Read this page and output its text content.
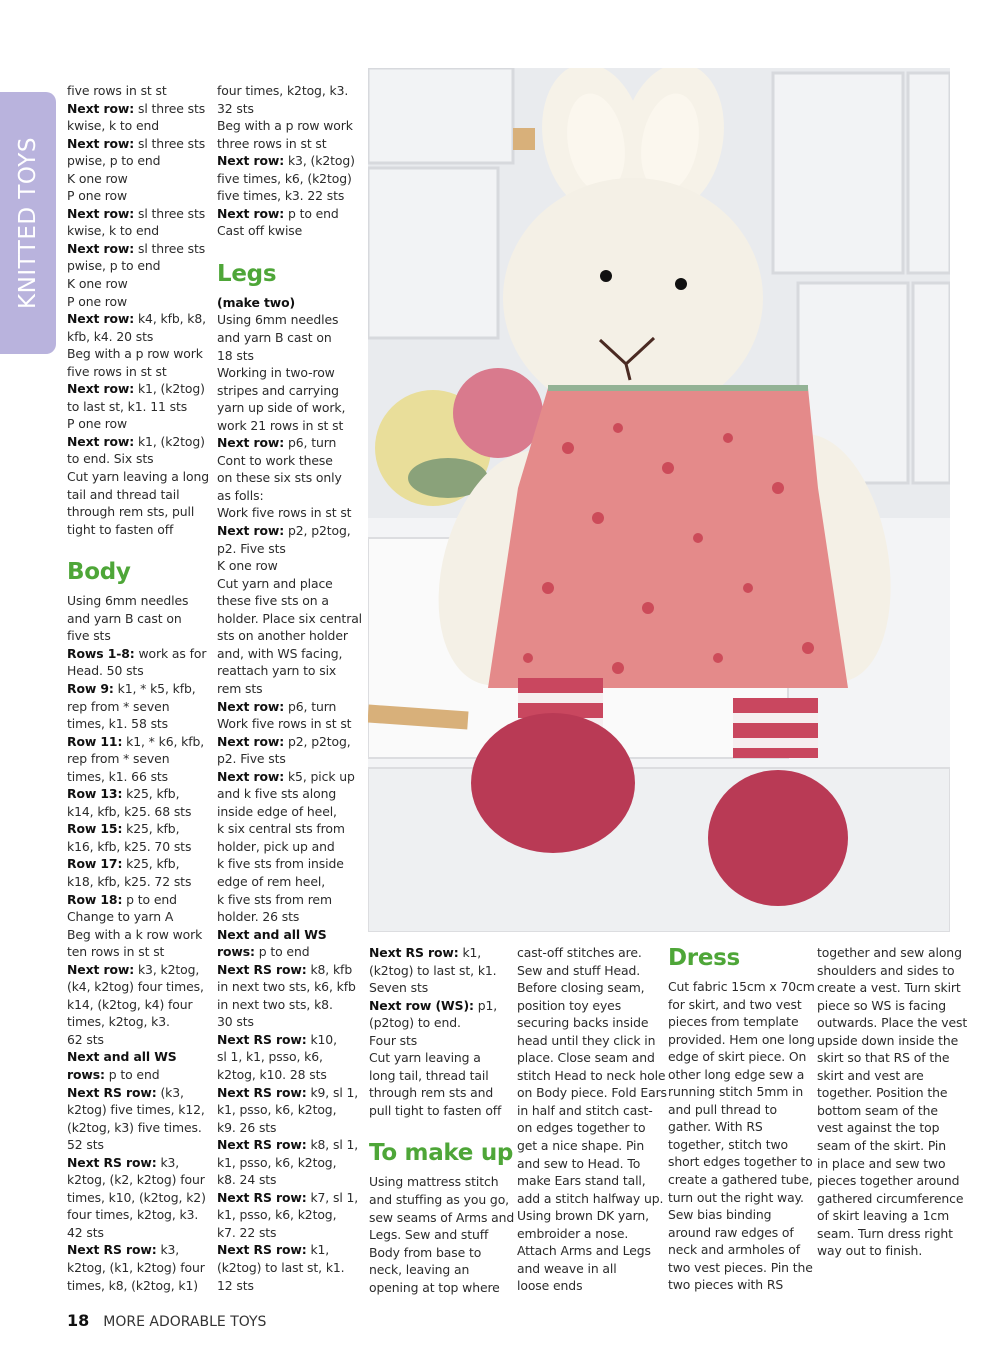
KNITTED TOYS

five rows in st st

Next row: sl three sts

kwise, k to end

Next row: sl three sts

pwise, p to end

K one row

P one row

Next row: sl three sts

kwise, k to end

Next row: sl three sts

pwise, p to end

K one row

P one row

Next row: k4, kfb, k8,

kfb, k4. 20 sts

Beg with a p row work

five rows in st st

Next row: k1, (k2tog)

to last st, k1. 11 sts

P one row

Next row: k1, (k2tog)

to end. Six sts

Cut yarn leaving a long

tail and thread tail

through rem sts, pull

tight to fasten off

Body

Using 6mm needles

and yarn B cast on

five sts

Rows 1-8: work as for

Head. 50 sts

Row 9: k1, * k5, kfb,

rep from * seven

times, k1. 58 sts

Row 11: k1, * k6, kfb,

rep from * seven

times, k1. 66 sts

Row 13: k25, kfb,

k14, kfb, k25. 68 sts

Row 15: k25, kfb,

k16, kfb, k25. 70 sts

Row 17: k25, kfb,

k18, kfb, k25. 72 sts

Row 18: p to end

Change to yarn A

Beg with a k row work

ten rows in st st

Next row: k3, k2tog,

(k4, k2tog) four times,

k14, (k2tog, k4) four

times, k2tog, k3.

62 sts

Next and all WS

rows: p to end

Next RS row: (k3,

k2tog) five times, k12,

(k2tog, k3) five times.

52 sts

Next RS row: k3,

k2tog, (k2, k2tog) four

times, k10, (k2tog, k2)

four times, k2tog, k3.

42 sts

Next RS row: k3,

k2tog, (k1, k2tog) four

times, k8, (k2tog, k1)

four times, k2tog, k3.

32 sts

Beg with a p row work

three rows in st st

Next row: k3, (k2tog)

five times, k6, (k2tog)

five times, k3. 22 sts

Next row: p to end

Cast off kwise

Legs

(make two)

Using 6mm needles

and yarn B cast on

18 sts

Working in two-row

stripes and carrying

yarn up side of work,

work 21 rows in st st

Next row: p6, turn

Cont to work these

on these six sts only

as folls:

Work five rows in st st

Next row: p2, p2tog,

p2. Five sts

K one row

Cut yarn and place

these five sts on a

holder. Place six central

sts on another holder

and, with WS facing,

reattach yarn to six

rem sts

Next row: p6, turn

Work five rows in st st

Next row: p2, p2tog,

p2. Five sts

Next row: k5, pick up

and k five sts along

inside edge of heel,

k six central sts from

holder, pick up and

k five sts from inside

edge of rem heel,

k five sts from rem

holder. 26 sts

Next and all WS

rows: p to end

Next RS row: k8, kfb

in next two sts, k6, kfb

in next two sts, k8.

30 sts

Next RS row: k10,

sl 1, k1, psso, k6,

k2tog, k10. 28 sts

Next RS row: k9, sl 1,

k1, psso, k6, k2tog,

k9. 26 sts

Next RS row: k8, sl 1,

k1, psso, k6, k2tog,

k8. 24 sts

Next RS row: k7, sl 1,

k1, psso, k6, k2tog,

k7. 22 sts

Next RS row: k1,

(k2tog) to last st, k1.

12 sts

Next RS row: k1,

(k2tog) to last st, k1.

Seven sts

Next row (WS): p1,

(p2tog) to end.

Four sts

Cut yarn leaving a

long tail, thread tail

through rem sts and

pull tight to fasten off

To make up

Using mattress stitch

and stuffing as you go,

sew seams of Arms and

Legs. Sew and stuff

Body from base to

neck, leaving an

opening at top where

cast-off stitches are.

Sew and stuff Head.

Before closing seam,

position toy eyes

securing backs inside

head until they click in

place. Close seam and

stitch Head to neck hole

on Body piece. Fold Ears

in half and stitch cast-

on edges together to

get a nice shape. Pin

and sew to Head. To

make Ears stand tall,

add a stitch halfway up.

Using brown DK yarn,

embroider a nose.

Attach Arms and Legs

and weave in all

loose ends

Dress

Cut fabric 15cm x 70cm

for skirt, and two vest

pieces from template

provided. Hem one long

edge of skirt piece. On

other long edge sew a

running stitch 5mm in

and pull thread to

gather. With RS

together, stitch two

short edges together to

create a gathered tube,

turn out the right way.

Sew bias binding

around raw edges of

neck and armholes of

two vest pieces. Pin the

two pieces with RS

together and sew along

shoulders and sides to

create a vest. Turn skirt

piece so WS is facing

outwards. Place the vest

upside down inside the

skirt so that RS of the

skirt and vest are

together. Position the

bottom seam of the

vest against the top

seam of the skirt. Pin

in place and sew two

pieces together around

gathered circumference

of skirt leaving a 1cm

seam. Turn dress right

way out to finish.

18 MORE ADORABLE TOYS
